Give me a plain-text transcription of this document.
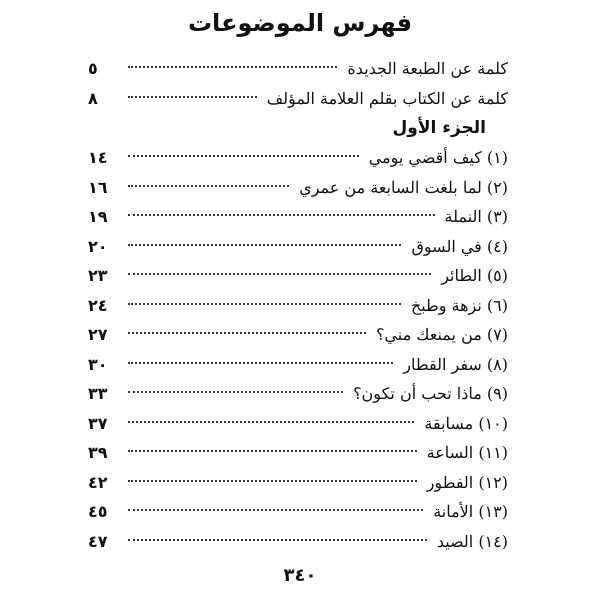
فهرس الموضوعات
كلمة عن الطبعة الجديدة
٥
كلمة عن الكتاب بقلم العلامة المؤلف
٨
الجزء الأول
(١) كيف أقضي يومي
١٤
(٢) لما بلغت السابعة من عمري
١٦
(٣) النملة
١٩
(٤) في السوق
٢٠
(٥) الطائر
٢٣
(٦) نزهة وطبخ
٢٤
(٧) من يمنعك مني؟
٢٧
(٨) سفر القطار
٣٠
(٩) ماذا تحب أن تكون؟
٣٣
(١٠) مسابقة
٣٧
(١١) الساعة
٣٩
(١٢) الفطور
٤٢
(١٣) الأمانة
٤٥
(١٤) الصيد
٤٧
٣٤٠
